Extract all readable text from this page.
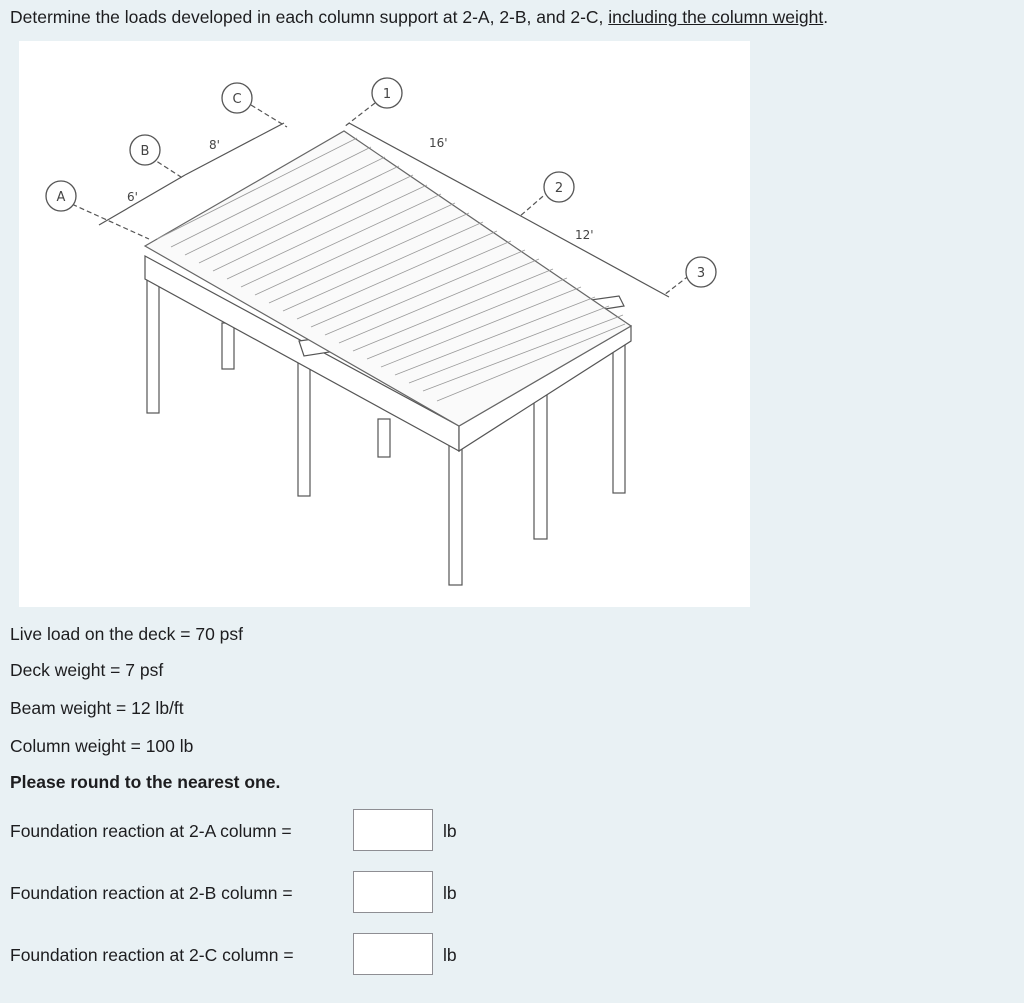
Determine the loads developed in each column support at 2-A, 2-B, and 2-C, including the column weight.
A
B
C	1
2
3
6'
8'	16'
12'
Live load on the deck = 70 psf
Deck weight = 7 psf
Beam weight = 12 lb/ft
Column weight = 100 lb
Please round to the nearest one.
Foundation reaction at 2-A column =	lb
Foundation reaction at 2-B column =	lb
Foundation reaction at 2-C column =	lb
